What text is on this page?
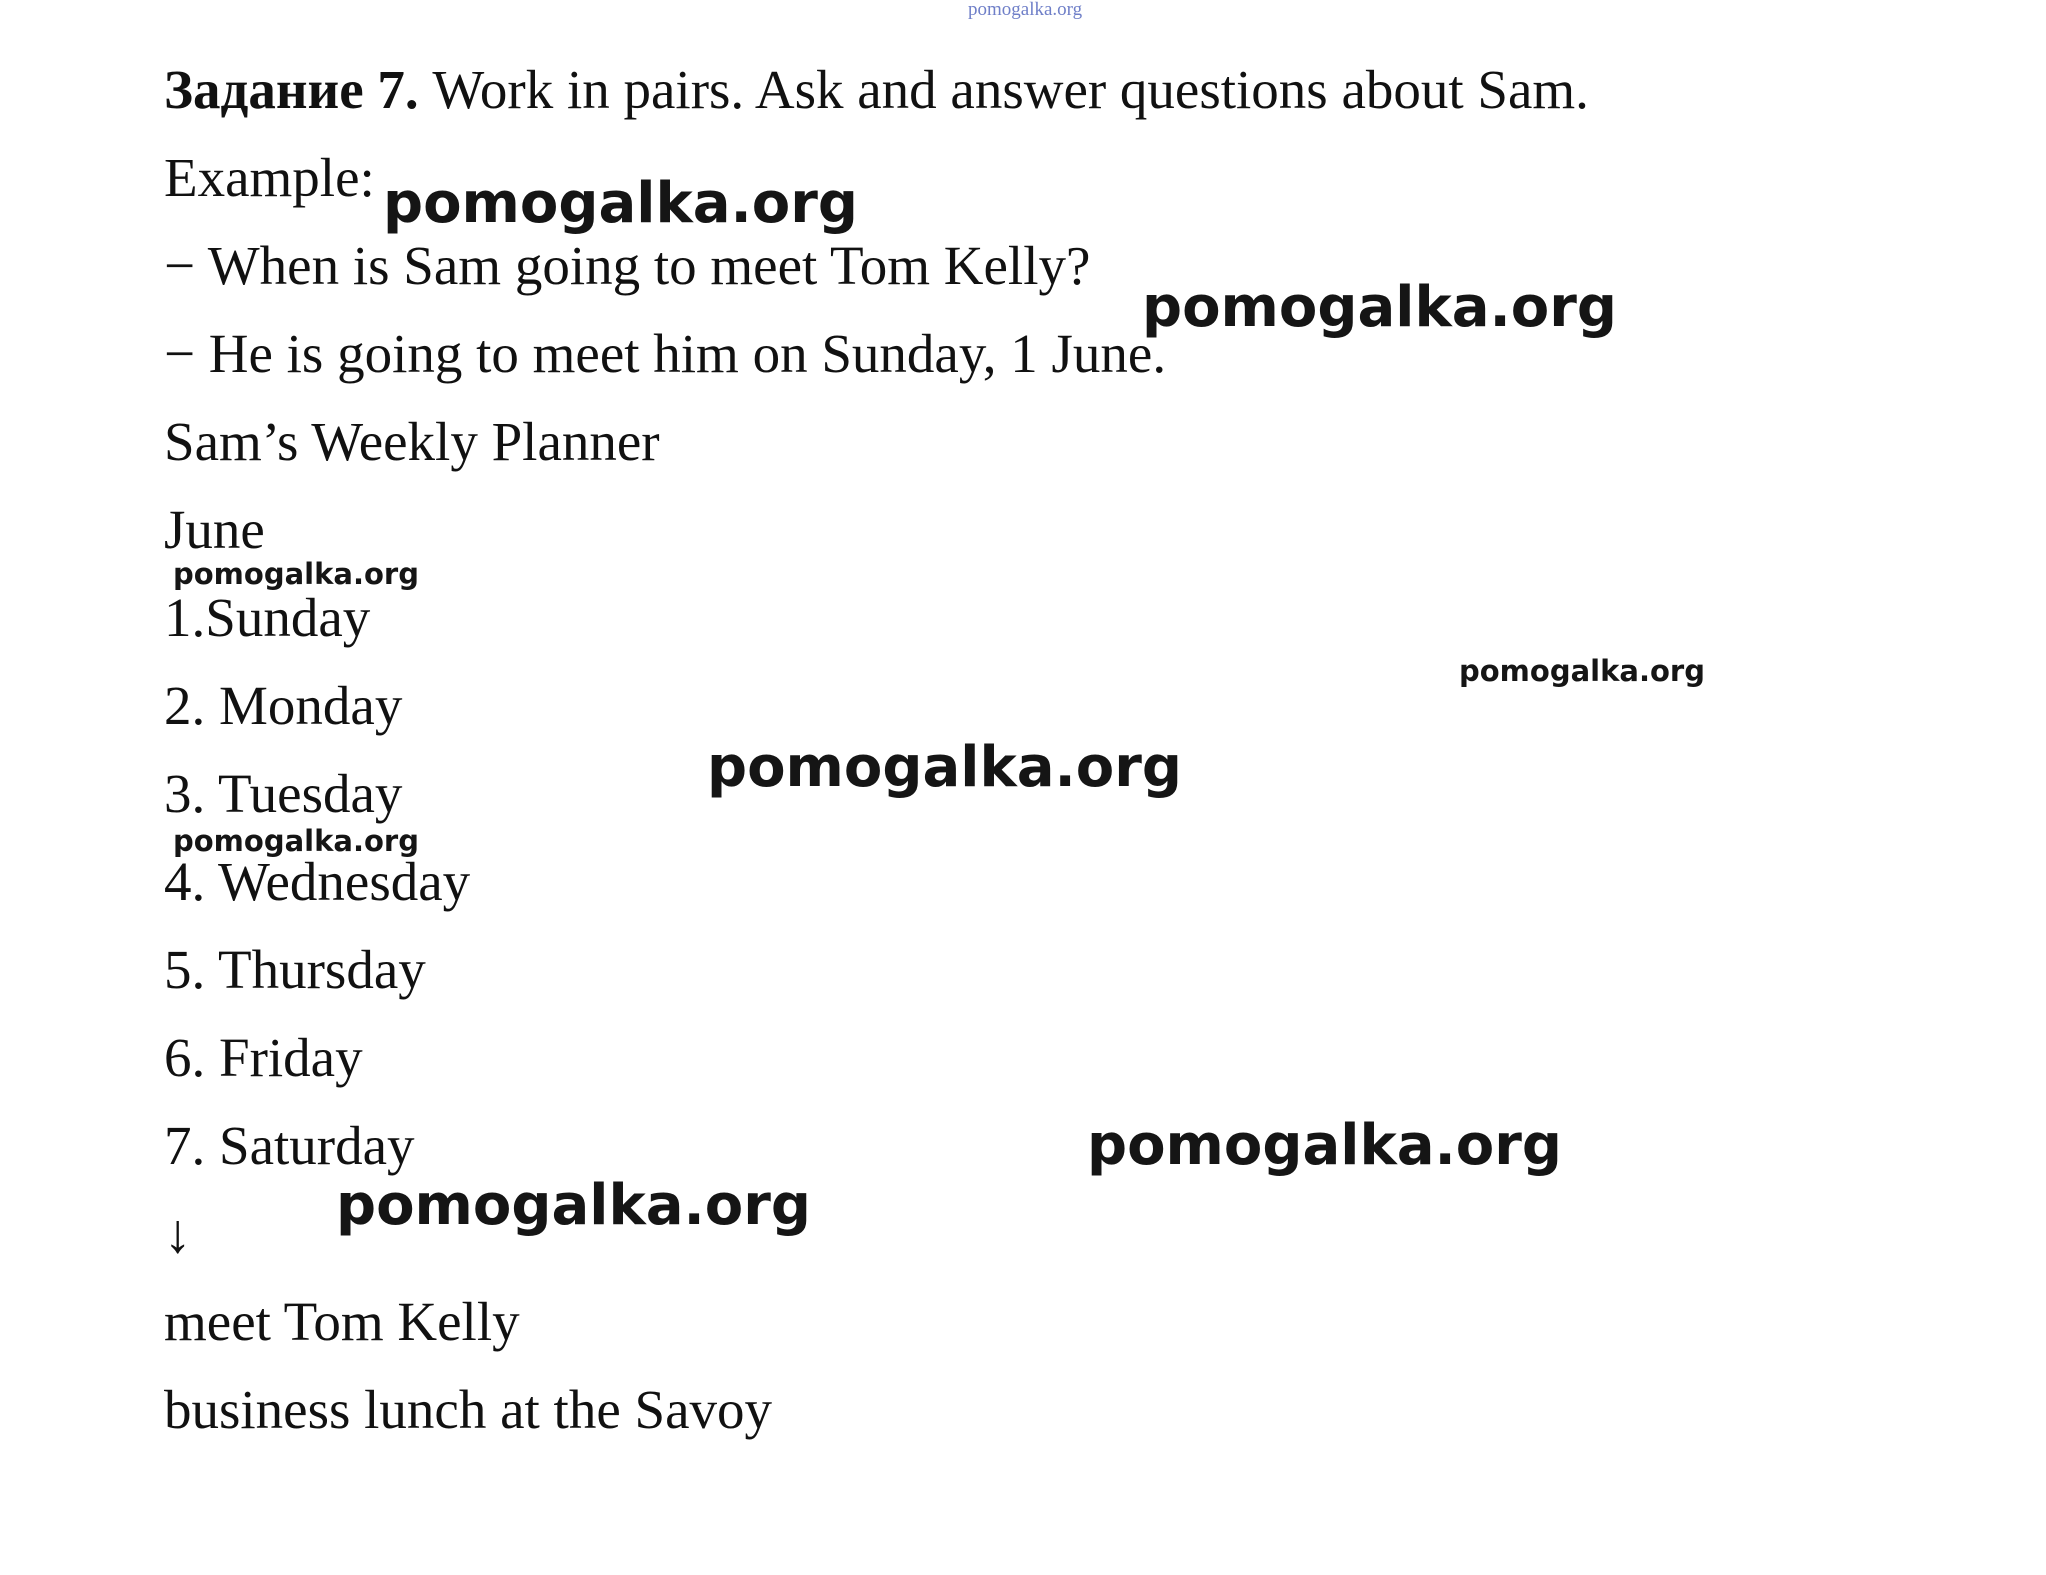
pomogalka.org

Задание 7. Work in pairs. Ask and answer questions about Sam.

Example:

− When is Sam going to meet Tom Kelly?

− He is going to meet him on Sunday, 1 June.

Sam’s Weekly Planner

June

1.Sunday

2. Monday

3. Tuesday

4. Wednesday

5. Thursday

6. Friday

7. Saturday

↓

meet Tom Kelly

business lunch at the Savoy

pomogalka.org
pomogalka.org
pomogalka.org
pomogalka.org
pomogalka.org
pomogalka.org
pomogalka.org
pomogalka.org
